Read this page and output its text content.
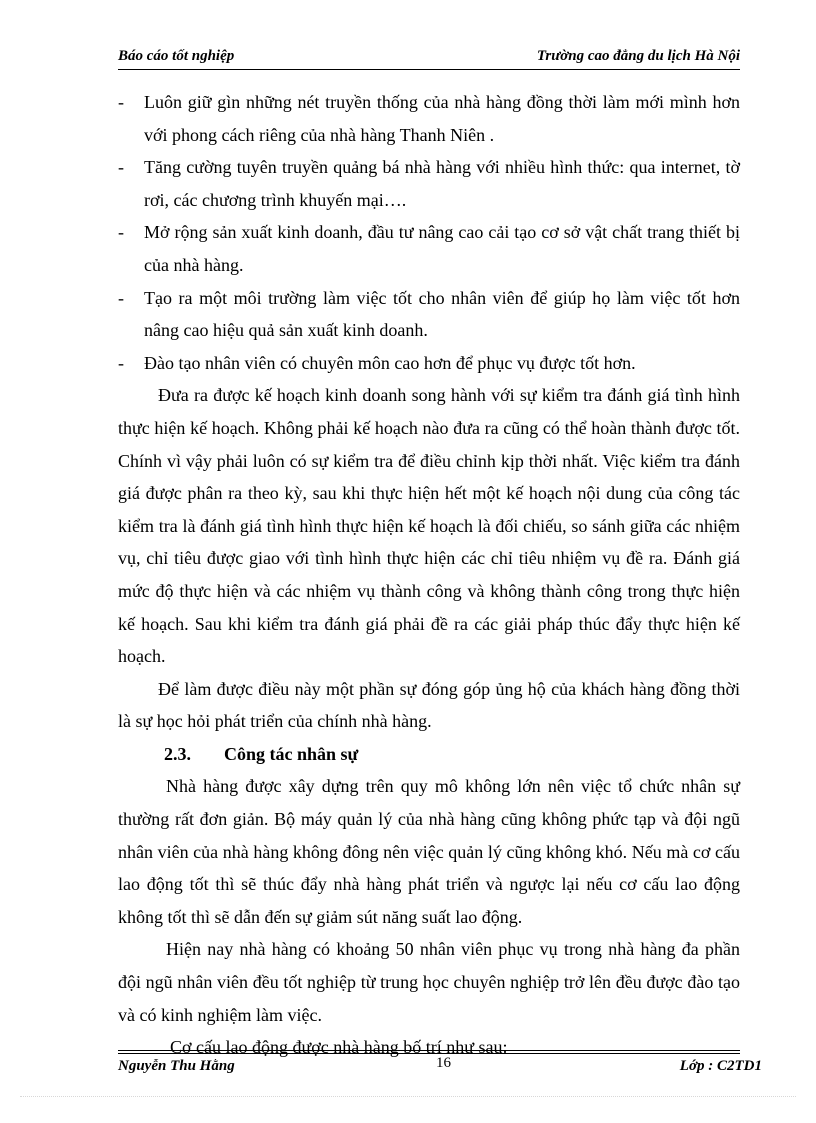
Báo cáo tốt nghiệp	Trường cao đẳng du lịch Hà Nội

- Luôn giữ gìn những nét truyền thống của nhà hàng đồng thời làm mới mình hơn với phong cách riêng của nhà hàng Thanh Niên .

- Tăng cường tuyên truyền quảng bá nhà hàng với nhiều hình thức: qua internet, tờ rơi, các chương trình khuyến mại….

- Mở rộng sản xuất kinh doanh, đầu tư nâng cao cải tạo cơ sở vật chất trang thiết bị của nhà hàng.

- Tạo ra một môi trường làm việc tốt cho nhân viên để giúp họ làm việc tốt hơn nâng cao hiệu quả sản xuất kinh doanh.

- Đào tạo nhân viên có chuyên môn cao hơn để phục vụ được tốt hơn.

Đưa ra được kế hoạch kinh doanh song hành với sự kiểm tra đánh giá tình hình thực hiện kế hoạch. Không phải kế hoạch nào đưa ra cũng có thể hoàn thành được tốt. Chính vì vậy phải luôn có sự kiểm tra để điều chỉnh kịp thời nhất. Việc kiểm tra đánh giá được phân ra theo kỳ, sau khi thực hiện hết một kế hoạch nội dung của công tác kiểm tra là đánh giá tình hình thực hiện kế hoạch là đối chiếu, so sánh giữa các nhiệm vụ, chỉ tiêu được giao với tình hình thực hiện các chỉ tiêu nhiệm vụ đề ra. Đánh giá mức độ thực hiện và các nhiệm vụ thành công và không thành công trong thực hiện kế hoạch. Sau khi kiểm tra đánh giá phải đề ra các giải pháp thúc đẩy thực hiện kế hoạch.

Để làm được điều này một phần sự đóng góp ủng hộ của khách hàng đồng thời là sự học hỏi phát triển của chính nhà hàng.

2.3. Công tác nhân sự

Nhà hàng được xây dựng trên quy mô không lớn nên việc tổ chức nhân sự thường rất đơn giản. Bộ máy quản lý của nhà hàng cũng không phức tạp và đội ngũ nhân viên của nhà hàng không đông nên việc quản lý cũng không khó. Nếu mà cơ cấu lao động tốt thì sẽ thúc đẩy nhà hàng phát triển và ngược lại nếu cơ cấu lao động không tốt thì sẽ dẫn đến sự giảm sút năng suất lao động.

Hiện nay nhà hàng có khoảng 50 nhân viên phục vụ trong nhà hàng đa phần đội ngũ nhân viên đều tốt nghiệp từ trung học chuyên nghiệp trở lên đều được đào tạo và có kinh nghiệm làm việc.

Cơ cấu lao động được nhà hàng bố trí như sau:

Nguyễn Thu Hằng	16	Lớp : C2TD1
